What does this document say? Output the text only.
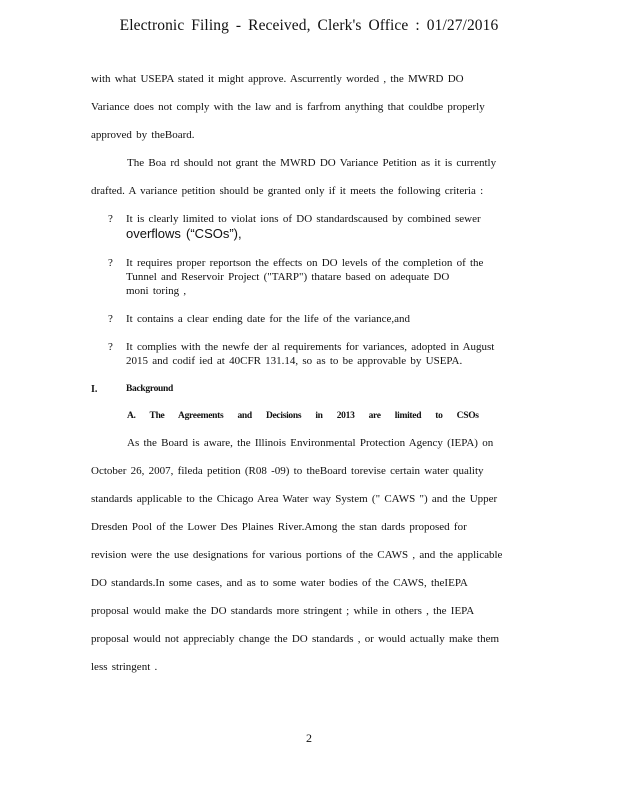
Electronic Filing - Received, Clerk's Office : 01/27/2016
with what USEPA stated it might approve. Ascurrently worded , the MWRD DO
Variance does not comply with the law and is farfrom anything that couldbe properly
approved by theBoard.
The Boa rd should not grant the MWRD DO Variance Petition as it is currently
drafted. A variance petition should be granted only if it meets the following criteria :
? It is clearly limited to violat ions of DO standardscaused by combined sewer
overflows (“CSOs”),
? It requires proper reportson the effects on DO levels of the completion of the
Tunnel and Reservoir Project ("TARP") thatare based on adequate DO
moni toring ,
? It contains a clear ending date for the life of the variance,and
? It complies with the newfe der al requirements for variances, adopted in August
2015 and codif ied at 40CFR 131.14, so as to be approvable by USEPA.
I.	Background
A. The Agreements and Decisions in 2013 are limited to CSOs
As the Board is aware, the Illinois Environmental Protection Agency (IEPA) on
October 26, 2007, fileda petition (R08 -09) to theBoard torevise certain water quality
standards applicable to the Chicago Area Water way System (" CAWS ") and the Upper
Dresden Pool of the Lower Des Plaines River.Among the stan dards proposed for
revision were the use designations for various portions of the CAWS , and the applicable
DO standards.In some cases, and as to some water bodies of the CAWS, theIEPA
proposal would make the DO standards more stringent ; while in others , the IEPA
proposal would not appreciably change the DO standards , or would actually make them
less stringent .
2
